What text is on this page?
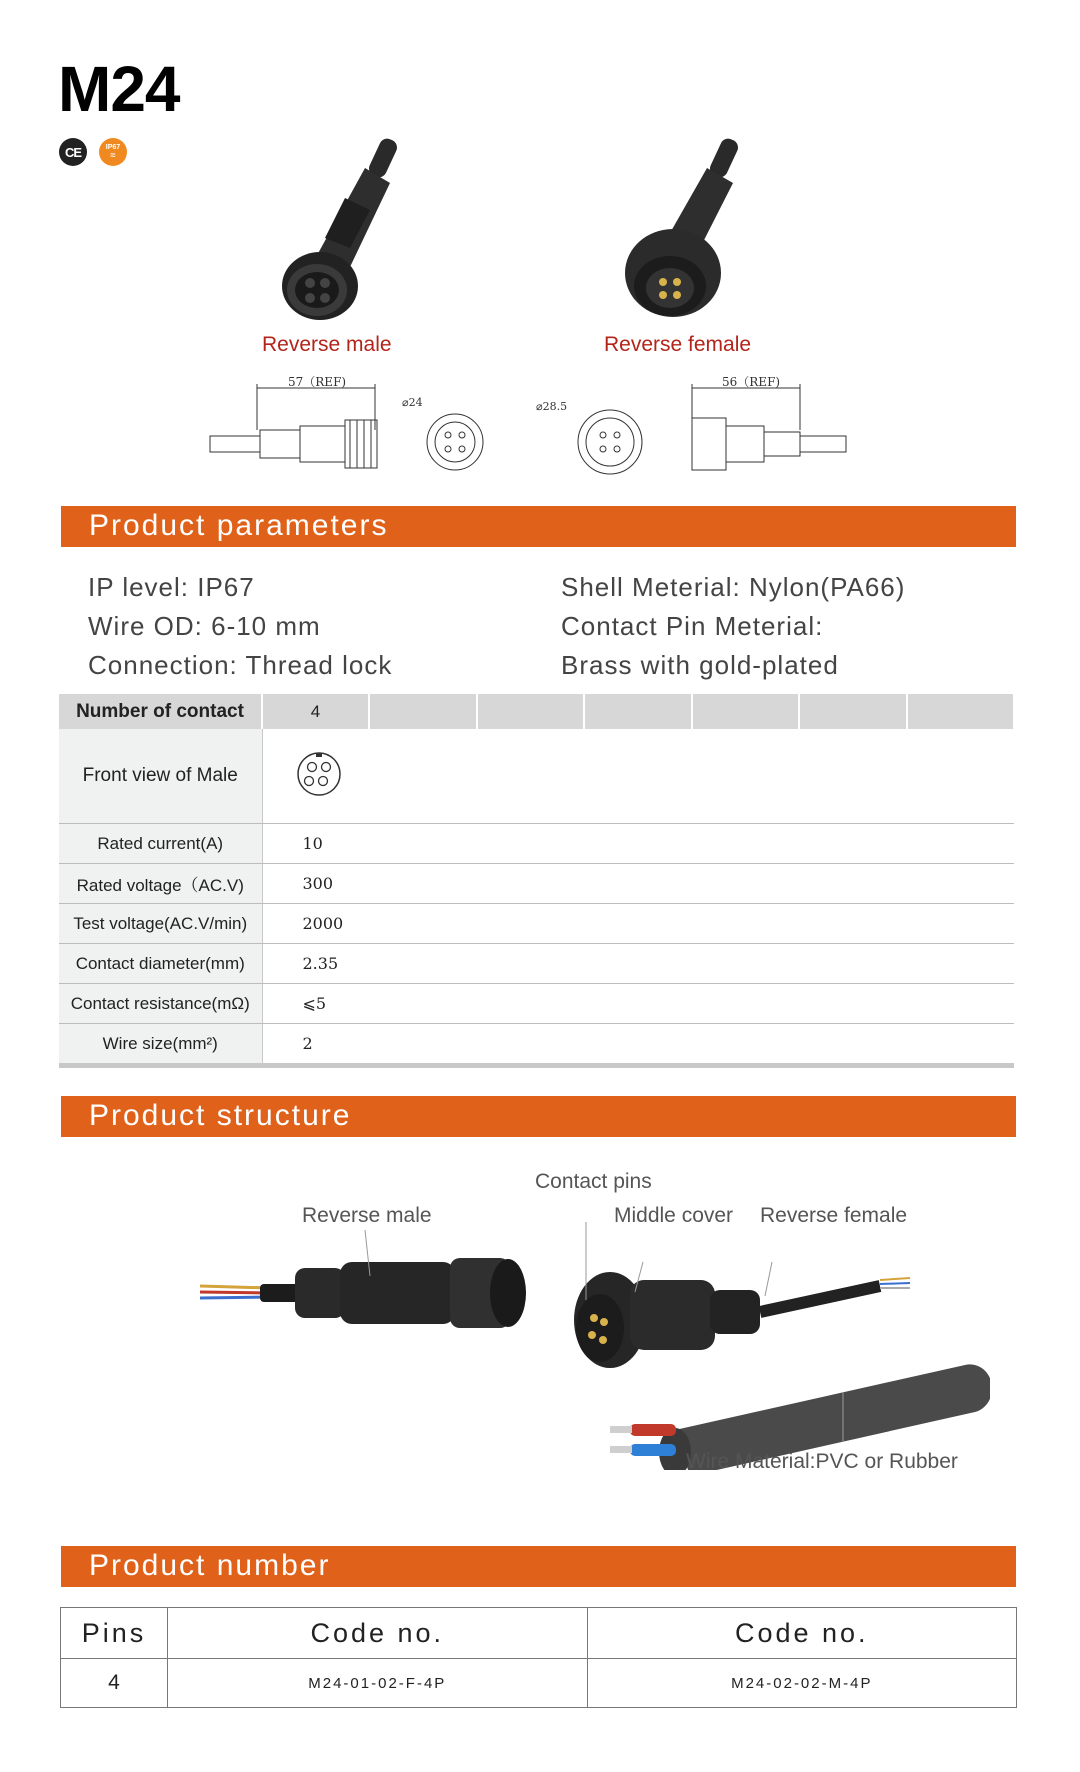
M24
CE	IP67
≈
Reverse male	Reverse female
57（REF)
⌀24	⌀28.5
56（REF)
Product parameters
IP level: IP67
Wire OD: 6-10 mm
Connection: Thread lock
Shell Meterial: Nylon(PA66)
Contact Pin Meterial:
Brass with gold-plated
Number of contact	4						
Front view of Male	
Rated current(A)	10						
Rated voltage（AC.V)	300						
Test voltage(AC.V/min)	2000						
Contact diameter(mm)	2.35						
Contact resistance(mΩ)	⩽5						
Wire size(mm²)	2						
Product structure
Contact pins
Reverse male	Middle cover Reverse female
Wire Material:PVC or Rubber
Product number
Pins	Code no.	Code no.
4	M24-01-02-F-4P	M24-02-02-M-4P
